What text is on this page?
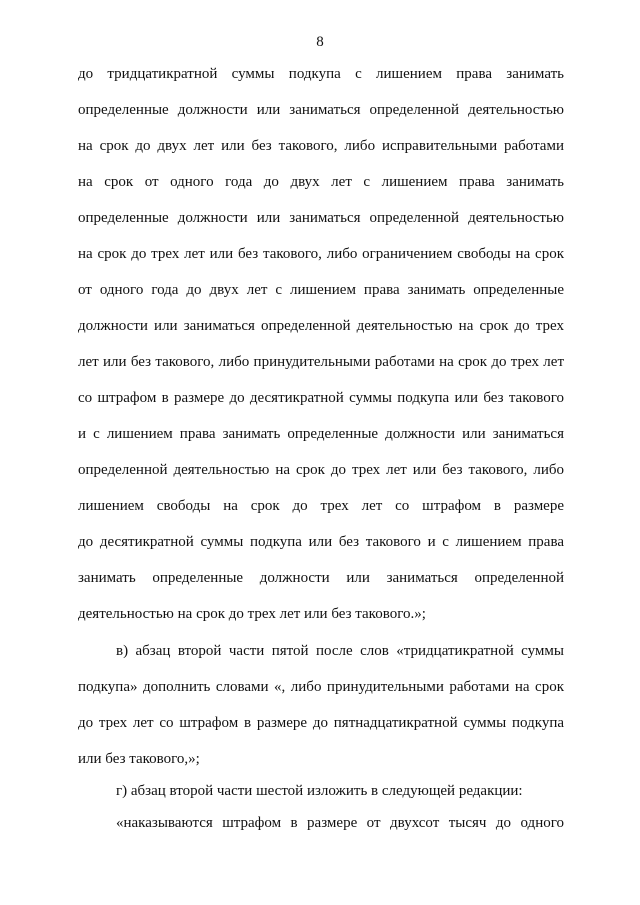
8
до тридцатикратной суммы подкупа с лишением права занимать
определенные должности или заниматься определенной деятельностью
на срок до двух лет или без такового, либо исправительными работами
на срок от одного года до двух лет с лишением права занимать
определенные должности или заниматься определенной деятельностью
на срок до трех лет или без такового, либо ограничением свободы на срок
от одного года до двух лет с лишением права занимать определенные
должности или заниматься определенной деятельностью на срок до трех
лет или без такового, либо принудительными работами на срок до трех лет
со штрафом в размере до десятикратной суммы подкупа или без такового
и с лишением права занимать определенные должности или заниматься
определенной деятельностью на срок до трех лет или без такового, либо
лишением свободы на срок до трех лет со штрафом в размере
до десятикратной суммы подкупа или без такового и с лишением права
занимать определенные должности или заниматься определенной
деятельностью на срок до трех лет или без такового.»;
в) абзац второй части пятой после слов «тридцатикратной суммы
подкупа» дополнить словами «, либо принудительными работами на срок
до трех лет со штрафом в размере до пятнадцатикратной суммы подкупа
или без такового,»;
г) абзац второй части шестой изложить в следующей редакции:
«наказываются штрафом в размере от двухсот тысяч до одного
